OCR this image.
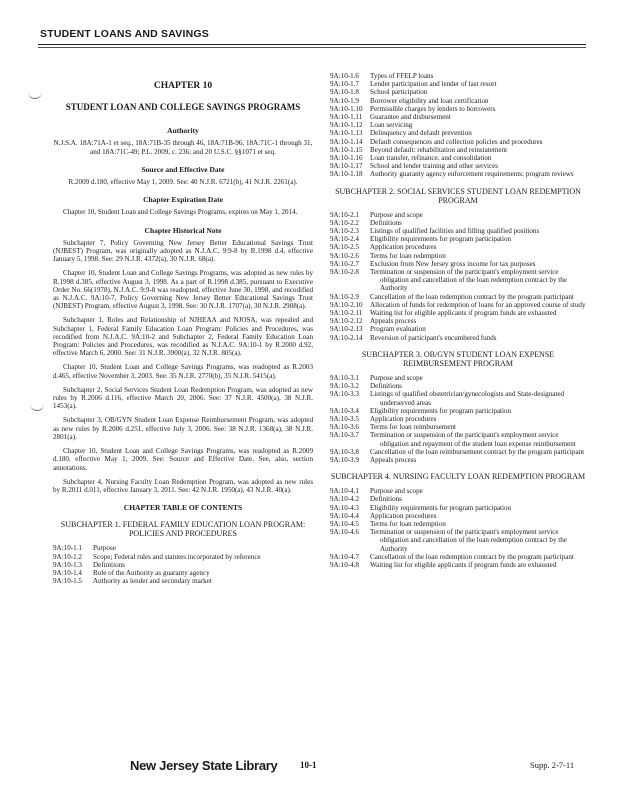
STUDENT LOANS AND SAVINGS
CHAPTER 10
STUDENT LOAN AND COLLEGE SAVINGS PROGRAMS
Authority
N.J.S.A. 18A:71A-1 et seq., 18A:71B-35 through 46, 18A:71B-96, 18A:71C-1 through 31, and 18A:71C-49; P.L. 2009, c. 236; and 20 U.S.C. §§1071 et seq.
Source and Effective Date
R.2009 d.180, effective May 1, 2009. See: 40 N.J.R. 6721(b), 41 N.J.R. 2261(a).
Chapter Expiration Date

Chapter 10, Student Loan and College Savings Programs, expires on May 1, 2014.

Chapter Historical Note

Subchapter 7, Policy Governing New Jersey Better Educational Savings Trust (NJBEST) Program, was originally adopted as N.J.A.C. 9:9-8 by R.1998 d.4, effective January 5, 1998. See: 29 N.J.R. 4372(a), 30 N.J.R. 68(a).

Chapter 10, Student Loan and College Savings Programs, was adopted as new rules by R.1998 d.385, effective August 3, 1998. As a part of R.1998 d.385, pursuant to Executive Order No. 66(1978), N.J.A.C. 9:9-8 was readopted, effective June 30, 1998, and recodified as N.J.A.C. 9A:10-7, Policy Governing New Jersey Better Educational Savings Trust (NJBEST) Program, effective August 3, 1998. See: 30 N.J.R. 1707(a), 30 N.J.R. 2908(a).

Subchapter 1, Roles and Relationship of NJHEAA and NJOSA, was repealed and Subchapter 1, Federal Family Education Loan Program: Policies and Procedures, was recodified from N.J.A.C. 9A:10-2 and Subchapter 2, Federal Family Education Loan Program: Policies and Procedures, was recodified as N.J.A.C. 9A:10-1 by R.2000 d.92, effective March 6, 2000. See: 31 N.J.R. 3900(a), 32 N.J.R. 805(a).

Chapter 10, Student Loan and College Savings Programs, was readopted as R.2003 d.465, effective November 3, 2003. See: 35 N.J.R. 2770(b), 35 N.J.R. 5415(a).

Subchapter 2, Social Services Student Loan Redemption Program, was adopted as new rules by R.2006 d.116, effective March 20, 2006. See: 37 N.J.R. 4500(a), 38 N.J.R. 1453(a).

Subchapter 3, OB/GYN Student Loan Expense Reimbursement Program, was adopted as new rules by R.2006 d.251, effective July 3, 2006. See: 38 N.J.R. 1368(a), 38 N.J.R. 2801(a).

Chapter 10, Student Loan and College Savings Programs, was readopted as R.2009 d.180, effective May 1, 2009. See: Source and Effective Date. See, also, section annotations.

Subchapter 4, Nursing Faculty Loan Redemption Program, was adopted as new rules by R.2011 d.011, effective January 3, 2011. See: 42 N.J.R. 1950(a), 43 N.J.R. 40(a).

CHAPTER TABLE OF CONTENTS
SUBCHAPTER 1. FEDERAL FAMILY EDUCATION LOAN PROGRAM: POLICIES AND PROCEDURES
9A:10-1.1	Purpose
9A:10-1.2	Scope; Federal rules and statutes incorporated by reference
9A:10-1.3	Definitions
9A:10-1.4	Role of the Authority as guaranty agency
9A:10-1.5	Authority as lender and secondary market
9A:10-1.6	Types of FFELP loans
9A:10-1.7	Lender participation and lender of last resort
9A:10-1.8	School participation
9A:10-1.9	Borrower eligibility and loan certification
9A:10-1.10	Permissible charges by lenders to borrowers
9A:10-1.11	Guarantee and disbursement
9A:10-1.12	Loan servicing
9A:10-1.13	Delinquency and default prevention
9A:10-1.14	Default consequences and collection policies and procedures
9A:10-1.15	Beyond default: rehabilitation and reinstatement
9A:10-1.16	Loan transfer, refinance, and consolidation
9A:10-1.17	School and lender training and other services
9A:10-1.18	Authority guaranty agency enforcement requirements: program reviews
SUBCHAPTER 2. SOCIAL SERVICES STUDENT LOAN REDEMPTION PROGRAM
9A:10-2.1	Purpose and scope
9A:10-2.2	Definitions
9A:10-2.3	Listings of qualified facilities and filling qualified positions
9A:10-2.4	Eligibility requirements for program participation
9A:10-2.5	Application procedures
9A:10-2.6	Terms for loan redemption
9A:10-2.7	Exclusion from New Jersey gross income for tax purposes
9A:10-2.8	Termination or suspension of the participant's employment service obligation and cancellation of the loan redemption contract by the Authority
9A:10-2.9	Cancellation of the loan redemption contract by the program participant
9A:10-2.10	Allocation of funds for redemption of loans for an approved course of study
9A:10-2.11	Waiting list for eligible applicants if program funds are exhausted
9A:10-2.12	Appeals process
9A:10-2.13	Program evaluation
9A:10-2.14	Reversion of participant's encumbered funds
SUBCHAPTER 3. OB/GYN STUDENT LOAN EXPENSE REIMBURSEMENT PROGRAM
9A:10-3.1	Purpose and scope
9A:10-3.2	Definitions
9A:10-3.3	Listings of qualified obstetrician/gynecologists and State-designated underserved areas
9A:10-3.4	Eligibility requirements for program participation
9A:10-3.5	Application procedures
9A:10-3.6	Terms for loan reimbursement
9A:10-3.7	Termination or suspension of the participant's employment service obligation and repayment of the student loan expense reimbursement
9A:10-3.8	Cancellation of the loan reimbursement contract by the program participant
9A:10-3.9	Appeals process
SUBCHAPTER 4. NURSING FACULTY LOAN REDEMPTION PROGRAM
9A:10-4.1	Purpose and scope
9A:10-4.2	Definitions
9A:10-4.3	Eligibility requirements for program participation
9A:10-4.4	Application procedures
9A:10-4.5	Terms for loan redemption
9A:10-4.6	Termination or suspension of the participant's employment service obligation and cancellation of the loan redemption contract by the Authority
9A:10-4.7	Cancellation of the loan redemption contract by the program participant
9A:10-4.8	Waiting list for eligible applicants if program funds are exhausted
New Jersey State Library	10-1	Supp. 2-7-11
